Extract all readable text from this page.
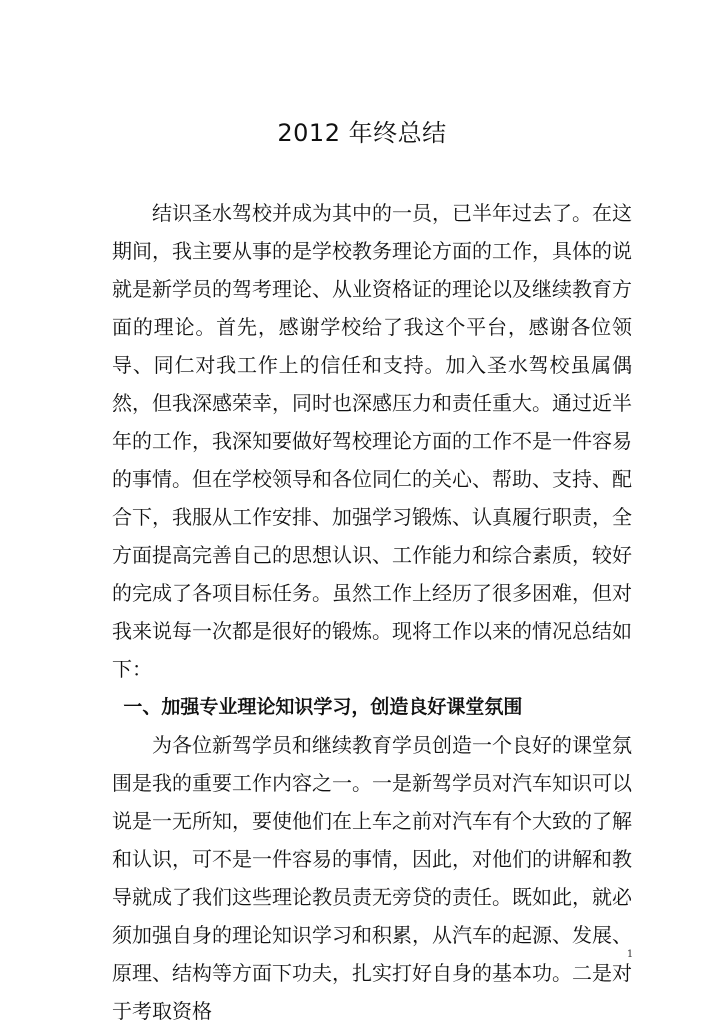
2012 年终总结

结识圣水驾校并成为其中的一员，已半年过去了。在这期间，我主要从事的是学校教务理论方面的工作，具体的说就是新学员的驾考理论、从业资格证的理论以及继续教育方面的理论。首先，感谢学校给了我这个平台，感谢各位领导、同仁对我工作上的信任和支持。加入圣水驾校虽属偶然，但我深感荣幸，同时也深感压力和责任重大。通过近半年的工作，我深知要做好驾校理论方面的工作不是一件容易的事情。但在学校领导和各位同仁的关心、帮助、支持、配合下，我服从工作安排、加强学习锻炼、认真履行职责，全方面提高完善自己的思想认识、工作能力和综合素质，较好的完成了各项目标任务。虽然工作上经历了很多困难，但对我来说每一次都是很好的锻炼。现将工作以来的情况总结如下：

一、加强专业理论知识学习，创造良好课堂氛围

为各位新驾学员和继续教育学员创造一个良好的课堂氛围是我的重要工作内容之一。一是新驾学员对汽车知识可以说是一无所知，要使他们在上车之前对汽车有个大致的了解和认识，可不是一件容易的事情，因此，对他们的讲解和教导就成了我们这些理论教员责无旁贷的责任。既如此，就必须加强自身的理论知识学习和积累，从汽车的起源、发展、原理、结构等方面下功夫，扎实打好自身的基本功。二是对于考取资格

1
